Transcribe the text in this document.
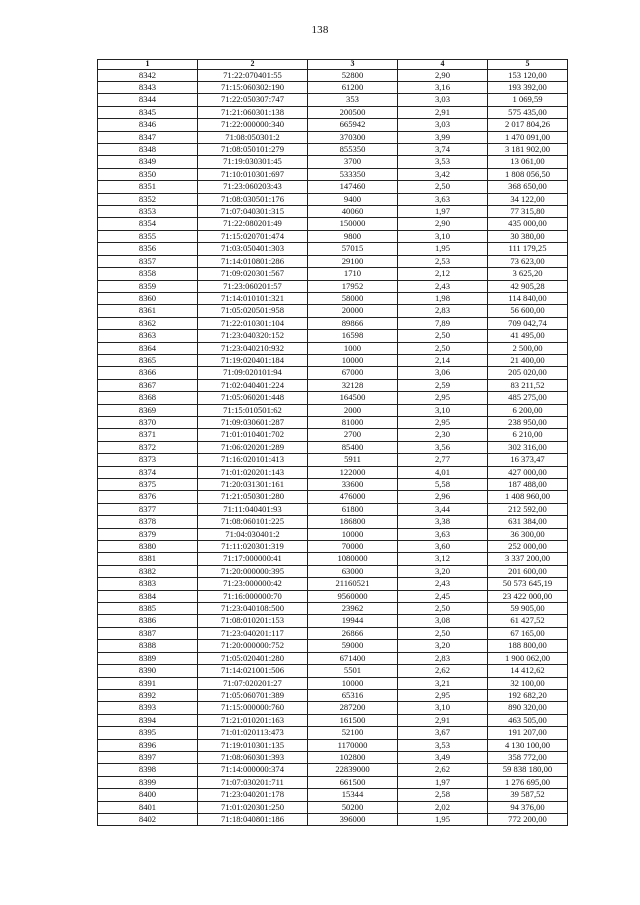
138
1	2	3	4	5
8342	71:22:070401:55	52800	2,90	153 120,00
8343	71:15:060302:190	61200	3,16	193 392,00
8344	71:22:050307:747	353	3,03	1 069,59
8345	71:21:060301:138	200500	2,91	575 435,00
8346	71:22:000000:340	665942	3,03	2 017 804,26
8347	71:08:050301:2	370300	3,99	1 470 091,00
8348	71:08:050101:279	855350	3,74	3 181 902,00
8349	71:19:030301:45	3700	3,53	13 061,00
8350	71:10:010301:697	533350	3,42	1 808 056,50
8351	71:23:060203:43	147460	2,50	368 650,00
8352	71:08:030501:176	9400	3,63	34 122,00
8353	71:07:040301:315	40060	1,97	77 315,80
8354	71:22:080201:49	150000	2,90	435 000,00
8355	71:15:020701:474	9800	3,10	30 380,00
8356	71:03:050401:303	57015	1,95	111 179,25
8357	71:14:010801:286	29100	2,53	73 623,00
8358	71:09:020301:567	1710	2,12	3 625,20
8359	71:23:060201:57	17952	2,43	42 905,28
8360	71:14:010101:321	58000	1,98	114 840,00
8361	71:05:020501:958	20000	2,83	56 600,00
8362	71:22:010301:104	89866	7,89	709 042,74
8363	71:23:040320:152	16598	2,50	41 495,00
8364	71:23:040210:932	1000	2,50	2 500,00
8365	71:19:020401:184	10000	2,14	21 400,00
8366	71:09:020101:94	67000	3,06	205 020,00
8367	71:02:040401:224	32128	2,59	83 211,52
8368	71:05:060201:448	164500	2,95	485 275,00
8369	71:15:010501:62	2000	3,10	6 200,00
8370	71:09:030601:287	81000	2,95	238 950,00
8371	71:01:010401:702	2700	2,30	6 210,00
8372	71:06:020201:289	85400	3,56	302 316,00
8373	71:16:020101:413	5911	2,77	16 373,47
8374	71:01:020201:143	122000	4,01	427 000,00
8375	71:20:031301:161	33600	5,58	187 488,00
8376	71:21:050301:280	476000	2,96	1 408 960,00
8377	71:11:040401:93	61800	3,44	212 592,00
8378	71:08:060101:225	186800	3,38	631 384,00
8379	71:04:030401:2	10000	3,63	36 300,00
8380	71:11:020301:319	70000	3,60	252 000,00
8381	71:17:000000:41	1080000	3,12	3 337 200,00
8382	71:20:000000:395	63000	3,20	201 600,00
8383	71:23:000000:42	21160521	2,43	50 573 645,19
8384	71:16:000000:70	9560000	2,45	23 422 000,00
8385	71:23:040108:500	23962	2,50	59 905,00
8386	71:08:010201:153	19944	3,08	61 427,52
8387	71:23:040201:117	26866	2,50	67 165,00
8388	71:20:000000:752	59000	3,20	188 800,00
8389	71:05:020401:280	671400	2,83	1 900 062,00
8390	71:14:021001:506	5501	2,62	14 412,62
8391	71:07:020201:27	10000	3,21	32 100,00
8392	71:05:060701:389	65316	2,95	192 682,20
8393	71:15:000000:760	287200	3,10	890 320,00
8394	71:21:010201:163	161500	2,91	463 505,00
8395	71:01:020113:473	52100	3,67	191 207,00
8396	71:19:010301:135	1170000	3,53	4 130 100,00
8397	71:08:060301:393	102800	3,49	358 772,00
8398	71:14:000000:374	22839000	2,62	59 838 180,00
8399	71:07:030201:711	661500	1,97	1 276 695,00
8400	71:23:040201:178	15344	2,58	39 587,52
8401	71:01:020301:250	50200	2,02	94 376,00
8402	71:18:040801:186	396000	1,95	772 200,00
